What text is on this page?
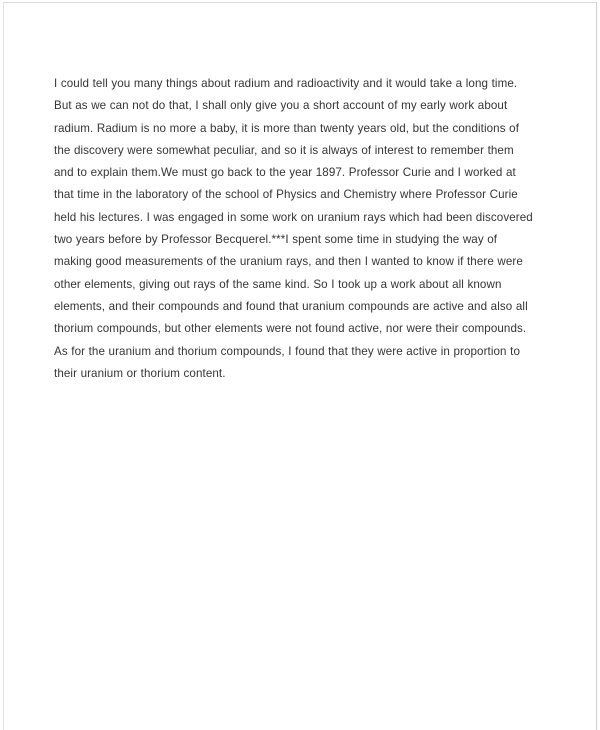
I could tell you many things about radium and radioactivity and it would take a long time. But as we can not do that, I shall only give you a short account of my early work about radium. Radium is no more a baby, it is more than twenty years old, but the conditions of the discovery were somewhat peculiar, and so it is always of interest to remember them and to explain them.We must go back to the year 1897. Professor Curie and I worked at that time in the laboratory of the school of Physics and Chemistry where Professor Curie held his lectures. I was engaged in some work on uranium rays which had been discovered two years before by Professor Becquerel.***I spent some time in studying the way of making good measurements of the uranium rays, and then I wanted to know if there were other elements, giving out rays of the same kind. So I took up a work about all known elements, and their compounds and found that uranium compounds are active and also all thorium compounds, but other elements were not found active, nor were their compounds. As for the uranium and thorium compounds, I found that they were active in proportion to their uranium or thorium content.
